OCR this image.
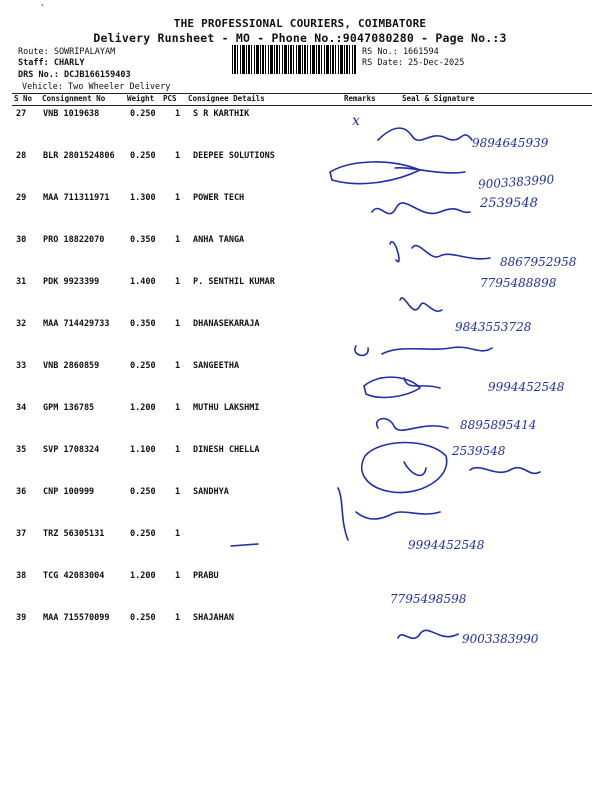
`
THE PROFESSIONAL COURIERS, COIMBATORE
Delivery Runsheet - MO - Phone No.:9047080280 - Page No.:3
Route: SOWRIPALAYAM
Staff: CHARLY
DRS No.: DCJB166159403
Vehicle: Two Wheeler Delivery
RS No.: 1661594
RS Date: 25-Dec-2025
S No Consignment No	Weight PCS Consignee Details	Remarks	Seal & Signature
27 VNB 1019638	0.250 1 S R KARTHIK
28 BLR 2801524806 0.250 1 DEEPEE SOLUTIONS
29 MAA 711311971 1.300 1 POWER TECH
30 PRO 18822070	0.350 1 ANHA TANGA
31 PDK 9923399	1.400 1 P. SENTHIL KUMAR
32 MAA 714429733 0.350 1 DHANASEKARAJA
33 VNB 2860859	0.250 1 SANGEETHA
34 GPM 136785	1.200 1 MUTHU LAKSHMI
35 SVP 1708324	1.100 1 DINESH CHELLA
36 CNP 100999	0.250 1 SANDHYA
37 TRZ 56305131	0.250 1
38 TCG 42083004	1.200 1 PRABU
39 MAA 715570099 0.250 1 SHAJAHAN
x
9894645939
9003383990
2539548
8867952958
7795488898
9843553728
9994452548
8895895414
2539548
9994452548
7795498598
9003383990
